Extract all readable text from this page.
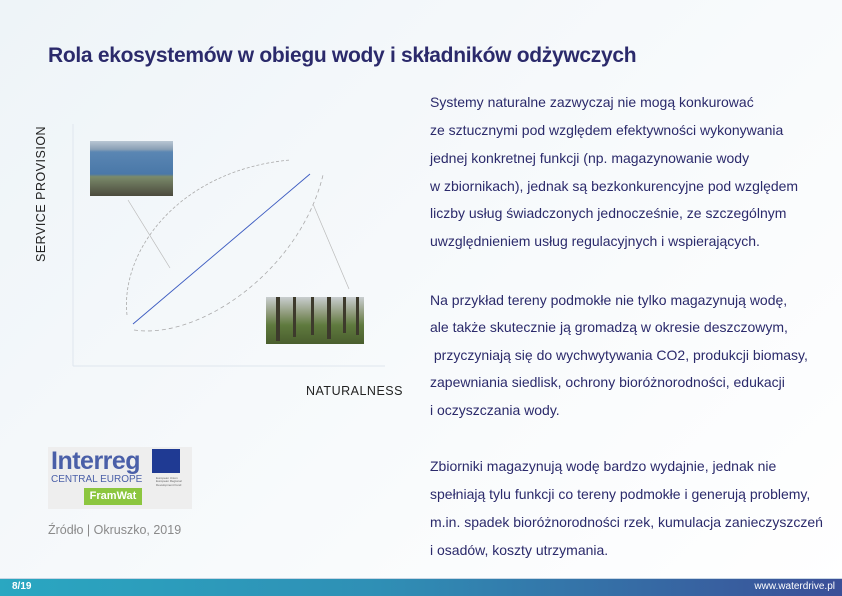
Rola ekosystemów w obiegu wody i składników odżywczych
SERVICE PROVISION
NATURALNESS
Systemy naturalne zazwyczaj nie mogą konkurować
ze sztucznymi pod względem efektywności wykonywania
jednej konkretnej funkcji (np. magazynowanie wody
w zbiornikach), jednak są bezkonkurencyjne pod względem
liczby usług świadczonych jednocześnie, ze szczególnym
uwzględnieniem usług regulacyjnych i wspierających.
Na przykład tereny podmokłe nie tylko magazynują wodę,
ale także skutecznie ją gromadzą w okresie deszczowym,
przyczyniają się do wychwytywania CO2, produkcji biomasy,
zapewniania siedlisk, ochrony bioróżnorodności, edukacji
i oczyszczania wody.
Zbiorniki magazynują wodę bardzo wydajnie, jednak nie
spełniają tylu funkcji co tereny podmokłe i generują problemy,
m.in. spadek bioróżnorodności rzek, kumulacja zanieczyszczeń
i osadów, koszty utrzymania.
Interreg
CENTRAL EUROPE	European Union European Regional Development Fund
FramWat
Źródło | Okruszko, 2019
8/19	www.waterdrive.pl
